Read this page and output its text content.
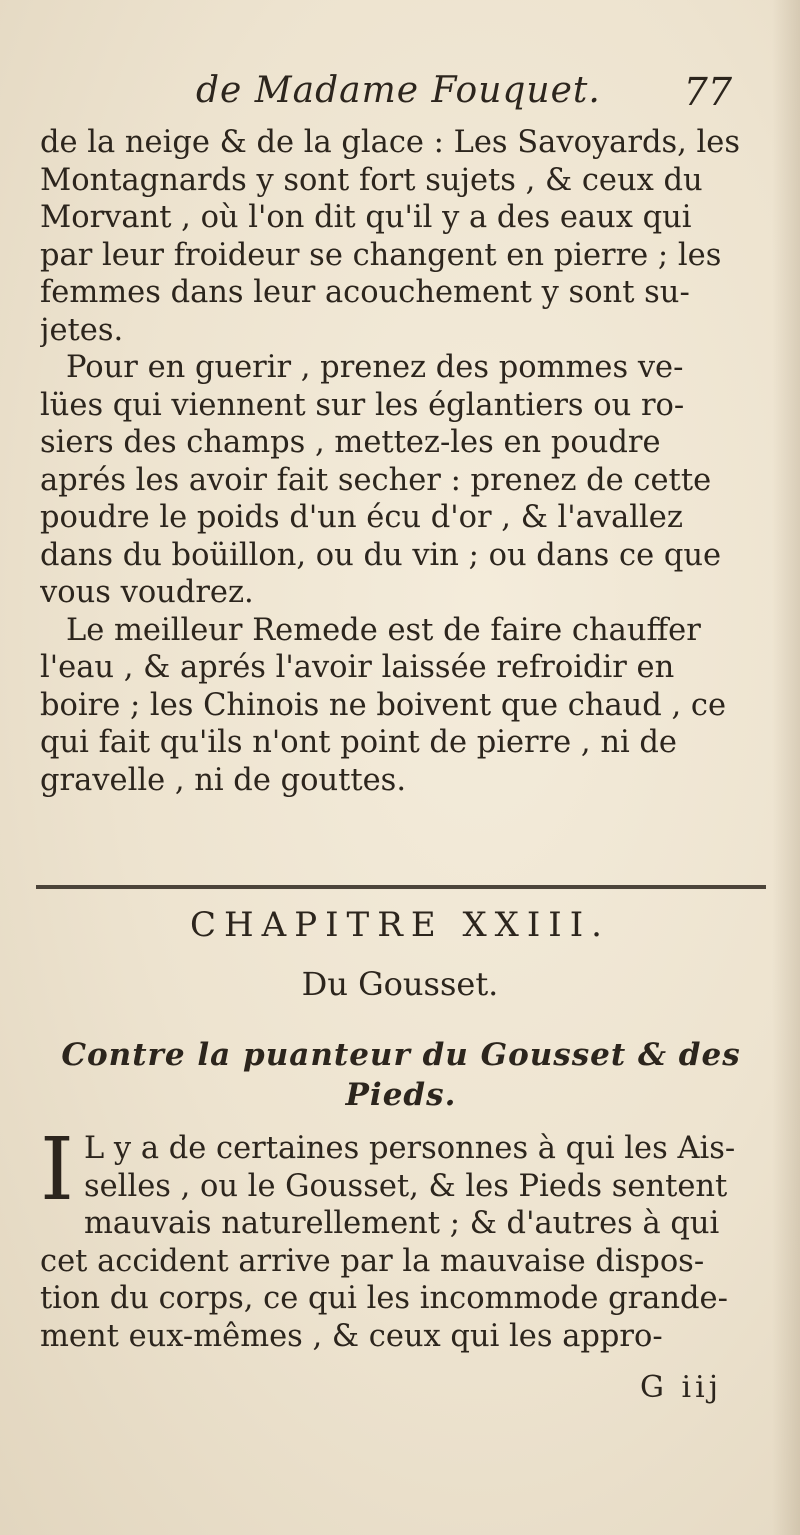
de Madame Fouquet. 77
de la neige & de la glace : Les Savoyards, les
Montagnards y sont fort sujets , & ceux du
Morvant , où l'on dit qu'il y a des eaux qui
par leur froideur se changent en pierre ; les
femmes dans leur acouchement y sont su-
jetes.
Pour en guerir , prenez des pommes ve-
lües qui viennent sur les églantiers ou ro-
siers des champs , mettez-les en poudre
aprés les avoir fait secher : prenez de cette
poudre le poids d'un écu d'or , & l'avallez
dans du boüillon, ou du vin ; ou dans ce que
vous voudrez.
Le meilleur Remede est de faire chauffer
l'eau , & aprés l'avoir laissée refroidir en
boire ; les Chinois ne boivent que chaud , ce
qui fait qu'ils n'ont point de pierre , ni de
gravelle , ni de gouttes.
CHAPITRE XXIII.
Du Gousset.
Contre la puanteur du Gousset & des
Pieds.
I L y a de certaines personnes à qui les Ais-
selles , ou le Gousset, & les Pieds sentent
mauvais naturellement ; & d'autres à qui
cet accident arrive par la mauvaise dispos-
tion du corps, ce qui les incommode grande-
ment eux-mêmes , & ceux qui les appro-
G iij
